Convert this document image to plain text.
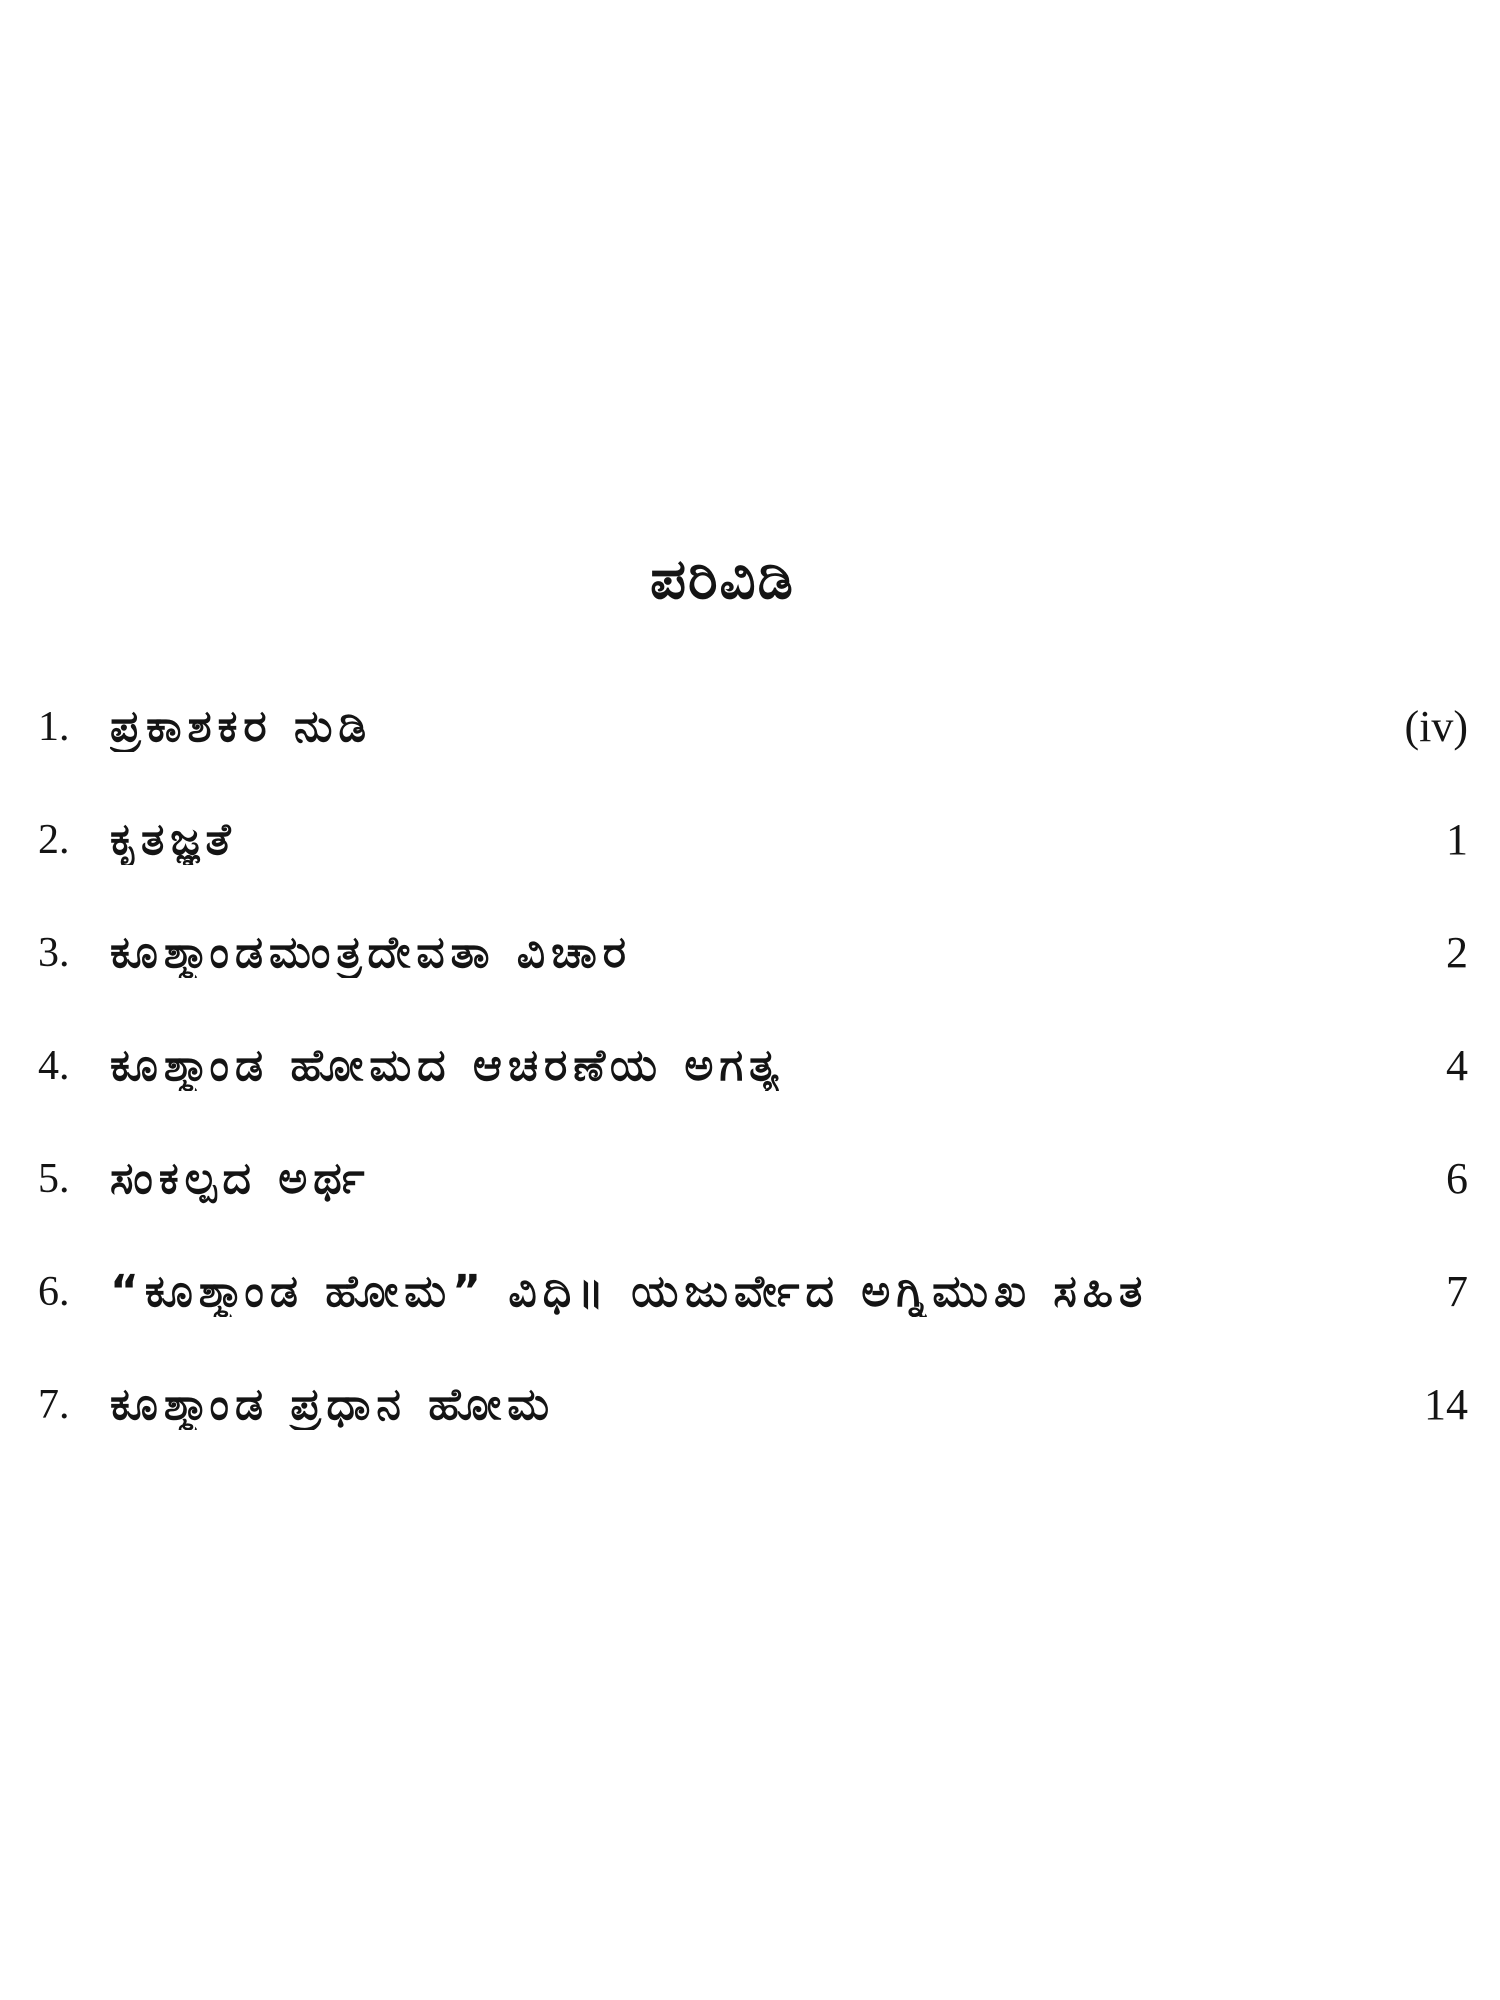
ಪರಿವಿಡಿ
1. ಪ್ರಕಾಶಕರ ನುಡಿ	(iv)
2. ಕೃತಜ್ಞತೆ	1
3. ಕೂಶ್ಮಾಂಡಮಂತ್ರದೇವತಾ ವಿಚಾರ	2
4. ಕೂಶ್ಮಾಂಡ ಹೋಮದ ಆಚರಣೆಯ ಅಗತ್ಯ	4
5. ಸಂಕಲ್ಪದ ಅರ್ಥ	6
6. “ಕೂಶ್ಮಾಂಡ ಹೋಮ” ವಿಧಿ॥ ಯಜುರ್ವೇದ ಅಗ್ನಿಮುಖ ಸಹಿತ	7
7. ಕೂಶ್ಮಾಂಡ ಪ್ರಧಾನ ಹೋಮ	14
